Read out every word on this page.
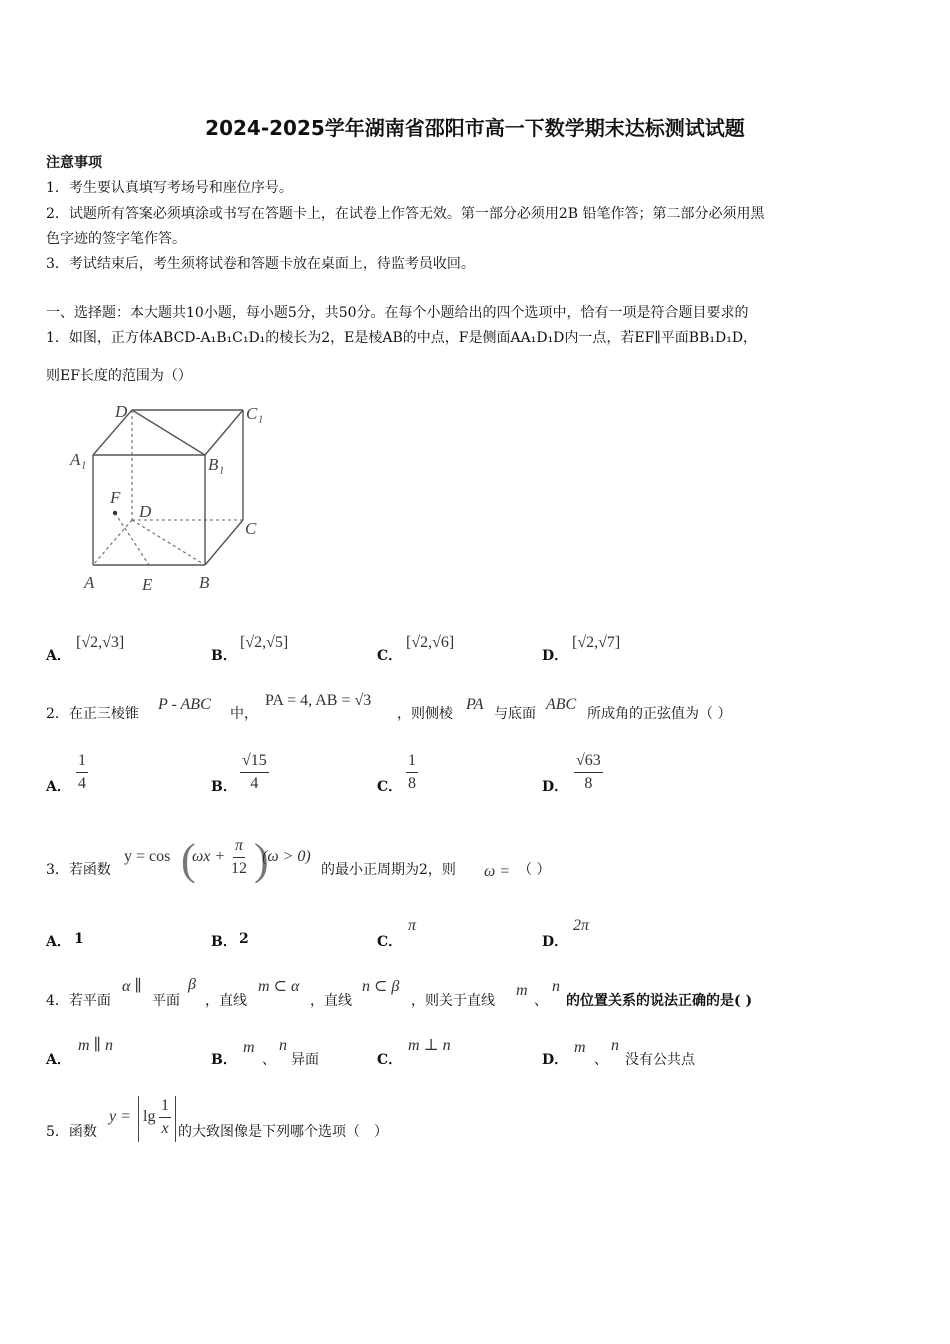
2024-2025学年湖南省邵阳市高一下数学期末达标测试试题
注意事项
1．考生要认真填写考场号和座位序号。
2．试题所有答案必须填涂或书写在答题卡上，在试卷上作答无效。第一部分必须用2B 铅笔作答；第二部分必须用黑
色字迹的签字笔作答。
3．考试结束后，考生须将试卷和答题卡放在桌面上，待监考员收回。
一、选择题：本大题共10小题，每小题5分，共50分。在每个小题给出的四个选项中，恰有一项是符合题目要求的
1．如图，正方体ABCD-A₁B₁C₁D₁的棱长为2，E是棱AB的中点，F是侧面AA₁D₁D内一点，若EF∥平面BB₁D₁D，
则EF长度的范围为（）
D	C₁
A₁	B₁
F
D
C
A	E	B
A．
[√2,√3]
B．
[√2,√5]
C．
[√2,√6]
D．
[√2,√7]
2．在正三棱锥
P - ABC
中，
PA = 4, AB = √3
，则侧棱
PA
与底面
ABC
所成角的正弦值为（ ）
A． $\frac{1}{4}$	B． $\frac{√15}{4}$	C． $\frac{1}{8}$	D． $\frac{√63}{8}$
3．若函数
y = cos (
$\omega x + \frac{\pi}{12}$ )
(ω > 0)
的最小正周期为2，则 ω = （ ）
A． 1	B． 2	C．
π
D．
2π
4．若平面
α ∥
平面
β
，直线
m ⊂ α
，直线
n ⊂ β
，则关于直线
m
、
n
的位置关系的说法正确的是( )
A．
m ∥ n
B．
m
、
n
异面	C．
m ⊥ n
D．
m
、
n
没有公共点
5．函数
$y = \lg \frac{1}{x}$ 的大致图像是下列哪个选项（　）
